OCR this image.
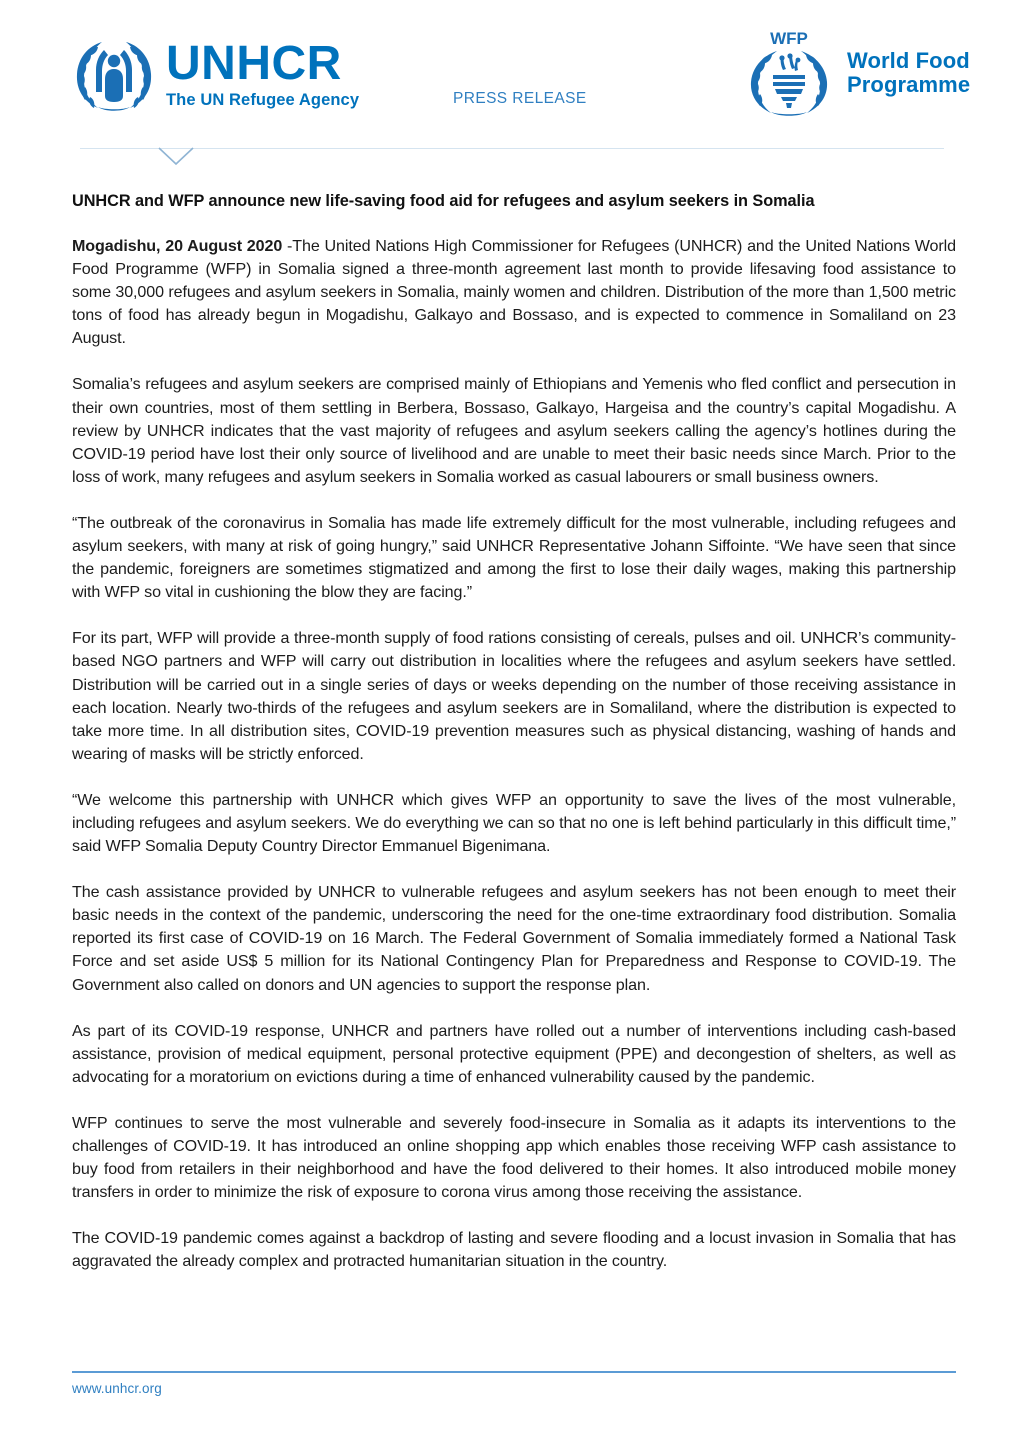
UNHCR
The UN Refugee Agency	PRESS RELEASE
WFP
World Food
Programme
UNHCR and WFP announce new life-saving food aid for refugees and asylum seekers in Somalia

Mogadishu, 20 August 2020 -The United Nations High Commissioner for Refugees (UNHCR) and the United Nations World Food Programme (WFP) in Somalia signed a three-month agreement last month to provide lifesaving food assistance to some 30,000 refugees and asylum seekers in Somalia, mainly women and children. Distribution of the more than 1,500 metric tons of food has already begun in Mogadishu, Galkayo and Bossaso, and is expected to commence in Somaliland on 23 August.

Somalia’s refugees and asylum seekers are comprised mainly of Ethiopians and Yemenis who fled conflict and persecution in their own countries, most of them settling in Berbera, Bossaso, Galkayo, Hargeisa and the country’s capital Mogadishu. A review by UNHCR indicates that the vast majority of refugees and asylum seekers calling the agency’s hotlines during the COVID-19 period have lost their only source of livelihood and are unable to meet their basic needs since March. Prior to the loss of work, many refugees and asylum seekers in Somalia worked as casual labourers or small business owners.

“The outbreak of the coronavirus in Somalia has made life extremely difficult for the most vulnerable, including refugees and asylum seekers, with many at risk of going hungry,” said UNHCR Representative Johann Siffointe. “We have seen that since the pandemic, foreigners are sometimes stigmatized and among the first to lose their daily wages, making this partnership with WFP so vital in cushioning the blow they are facing.”

For its part, WFP will provide a three-month supply of food rations consisting of cereals, pulses and oil. UNHCR’s community-based NGO partners and WFP will carry out distribution in localities where the refugees and asylum seekers have settled. Distribution will be carried out in a single series of days or weeks depending on the number of those receiving assistance in each location. Nearly two-thirds of the refugees and asylum seekers are in Somaliland, where the distribution is expected to take more time. In all distribution sites, COVID-19 prevention measures such as physical distancing, washing of hands and wearing of masks will be strictly enforced.

“We welcome this partnership with UNHCR which gives WFP an opportunity to save the lives of the most vulnerable, including refugees and asylum seekers. We do everything we can so that no one is left behind particularly in this difficult time,” said WFP Somalia Deputy Country Director Emmanuel Bigenimana.

The cash assistance provided by UNHCR to vulnerable refugees and asylum seekers has not been enough to meet their basic needs in the context of the pandemic, underscoring the need for the one-time extraordinary food distribution. Somalia reported its first case of COVID-19 on 16 March. The Federal Government of Somalia immediately formed a National Task Force and set aside US$ 5 million for its National Contingency Plan for Preparedness and Response to COVID-19. The Government also called on donors and UN agencies to support the response plan.

As part of its COVID-19 response, UNHCR and partners have rolled out a number of interventions including cash-based assistance, provision of medical equipment, personal protective equipment (PPE) and decongestion of shelters, as well as advocating for a moratorium on evictions during a time of enhanced vulnerability caused by the pandemic.

WFP continues to serve the most vulnerable and severely food-insecure in Somalia as it adapts its interventions to the challenges of COVID-19. It has introduced an online shopping app which enables those receiving WFP cash assistance to buy food from retailers in their neighborhood and have the food delivered to their homes. It also introduced mobile money transfers in order to minimize the risk of exposure to corona virus among those receiving the assistance.

The COVID-19 pandemic comes against a backdrop of lasting and severe flooding and a locust invasion in Somalia that has aggravated the already complex and protracted humanitarian situation in the country.

www.unhcr.org
